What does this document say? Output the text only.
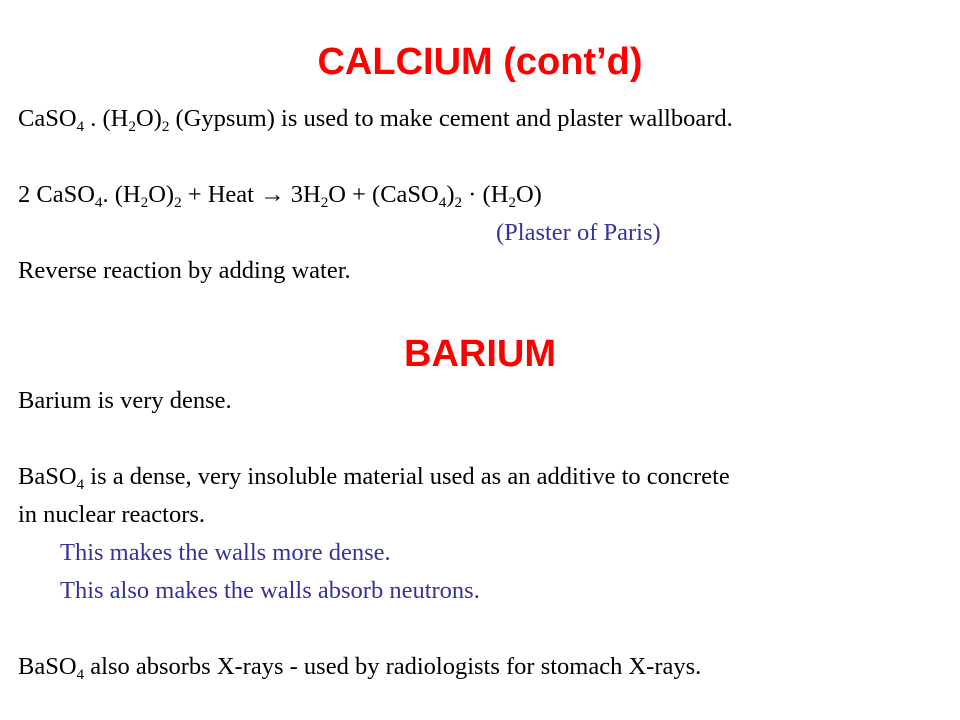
CALCIUM (cont’d)
CaSO$_4$ . $(H_2O)_2$ (Gypsum) is used to make cement and plaster wallboard.
2 CaSO$_4$. $(H_2O)_2$ + Heat → $3H_2O$ + $(CaSO_4)_2 \cdot (H_2O)$
(Plaster of Paris)
Reverse reaction by adding water.
BARIUM
Barium is very dense.
BaSO$_4$ is a dense, very insoluble material used as an additive to concrete
in nuclear reactors.
This makes the walls more dense.
This also makes the walls absorb neutrons.
BaSO$_4$ also absorbs X-rays - used by radiologists for stomach X-rays.
